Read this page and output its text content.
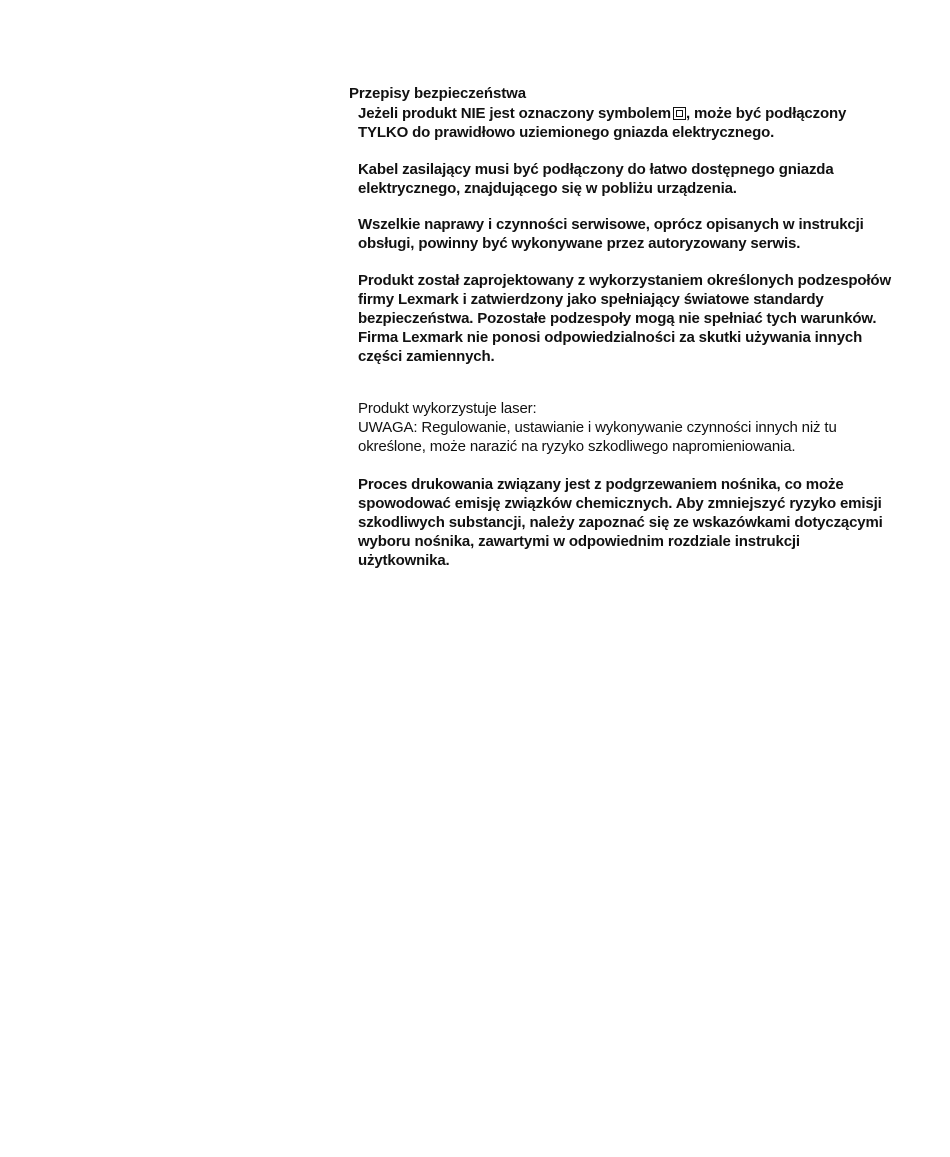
Przepisy bezpieczeństwa
Jeżeli produkt NIE jest oznaczony symbolem , może być podłączony
TYLKO do prawidłowo uziemionego gniazda elektrycznego.
Kabel zasilający musi być podłączony do łatwo dostępnego gniazda
elektrycznego, znajdującego się w pobliżu urządzenia.
Wszelkie naprawy i czynności serwisowe, oprócz opisanych w instrukcji
obsługi, powinny być wykonywane przez autoryzowany serwis.
Produkt został zaprojektowany z wykorzystaniem określonych podzespołów
firmy Lexmark i zatwierdzony jako spełniający światowe standardy
bezpieczeństwa. Pozostałe podzespoły mogą nie spełniać tych warunków.
Firma Lexmark nie ponosi odpowiedzialności za skutki używania innych
części zamiennych.
Produkt wykorzystuje laser:
UWAGA: Regulowanie, ustawianie i wykonywanie czynności innych niż tu
określone, może narazić na ryzyko szkodliwego napromieniowania.
Proces drukowania związany jest z podgrzewaniem nośnika, co może
spowodować emisję związków chemicznych. Aby zmniejszyć ryzyko emisji
szkodliwych substancji, należy zapoznać się ze wskazówkami dotyczącymi
wyboru nośnika, zawartymi w odpowiednim rozdziale instrukcji
użytkownika.
